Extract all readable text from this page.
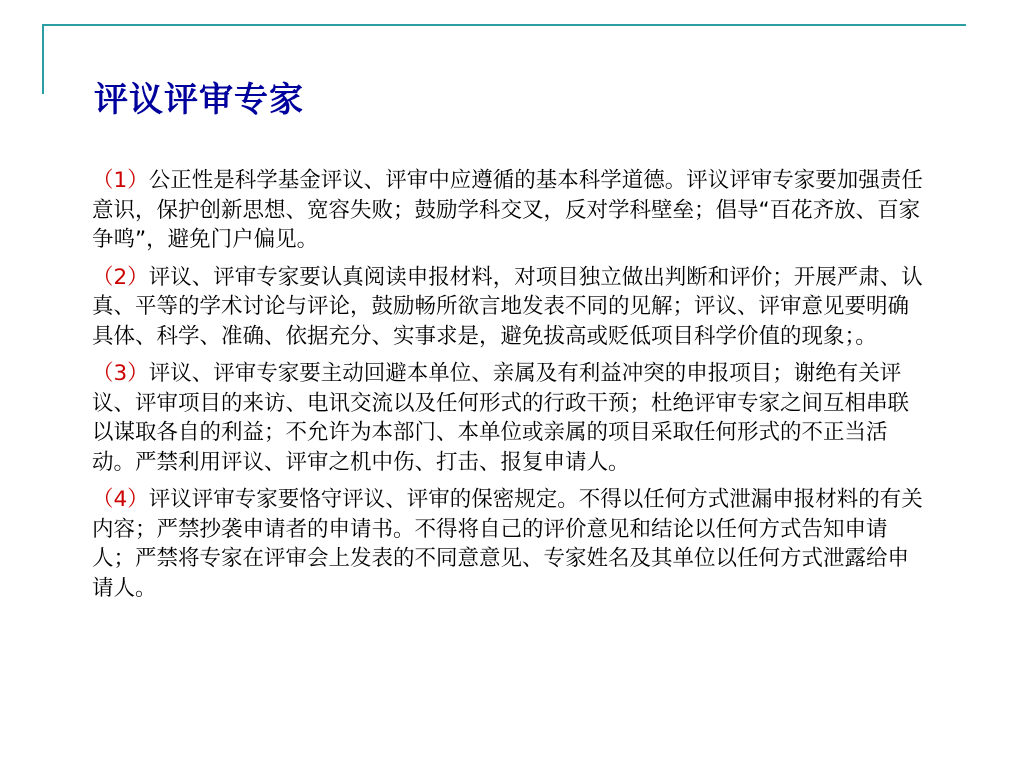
评议评审专家

（1）公正性是科学基金评议、评审中应遵循的基本科学道德。评议评审专家要加强责任意识，保护创新思想、宽容失败；鼓励学科交叉，反对学科壁垒；倡导“百花齐放、百家争鸣”，避免门户偏见。

（2）评议、评审专家要认真阅读申报材料，对项目独立做出判断和评价；开展严肃、认真、平等的学术讨论与评论，鼓励畅所欲言地发表不同的见解；评议、评审意见要明确具体、科学、准确、依据充分、实事求是，避免拔高或贬低项目科学价值的现象；。

（3）评议、评审专家要主动回避本单位、亲属及有利益冲突的申报项目；谢绝有关评议、评审项目的来访、电讯交流以及任何形式的行政干预；杜绝评审专家之间互相串联以谋取各自的利益；不允许为本部门、本单位或亲属的项目采取任何形式的不正当活动。严禁利用评议、评审之机中伤、打击、报复申请人。

（4）评议评审专家要恪守评议、评审的保密规定。不得以任何方式泄漏申报材料的有关内容；严禁抄袭申请者的申请书。不得将自己的评价意见和结论以任何方式告知申请人；严禁将专家在评审会上发表的不同意意见、专家姓名及其单位以任何方式泄露给申请人。
